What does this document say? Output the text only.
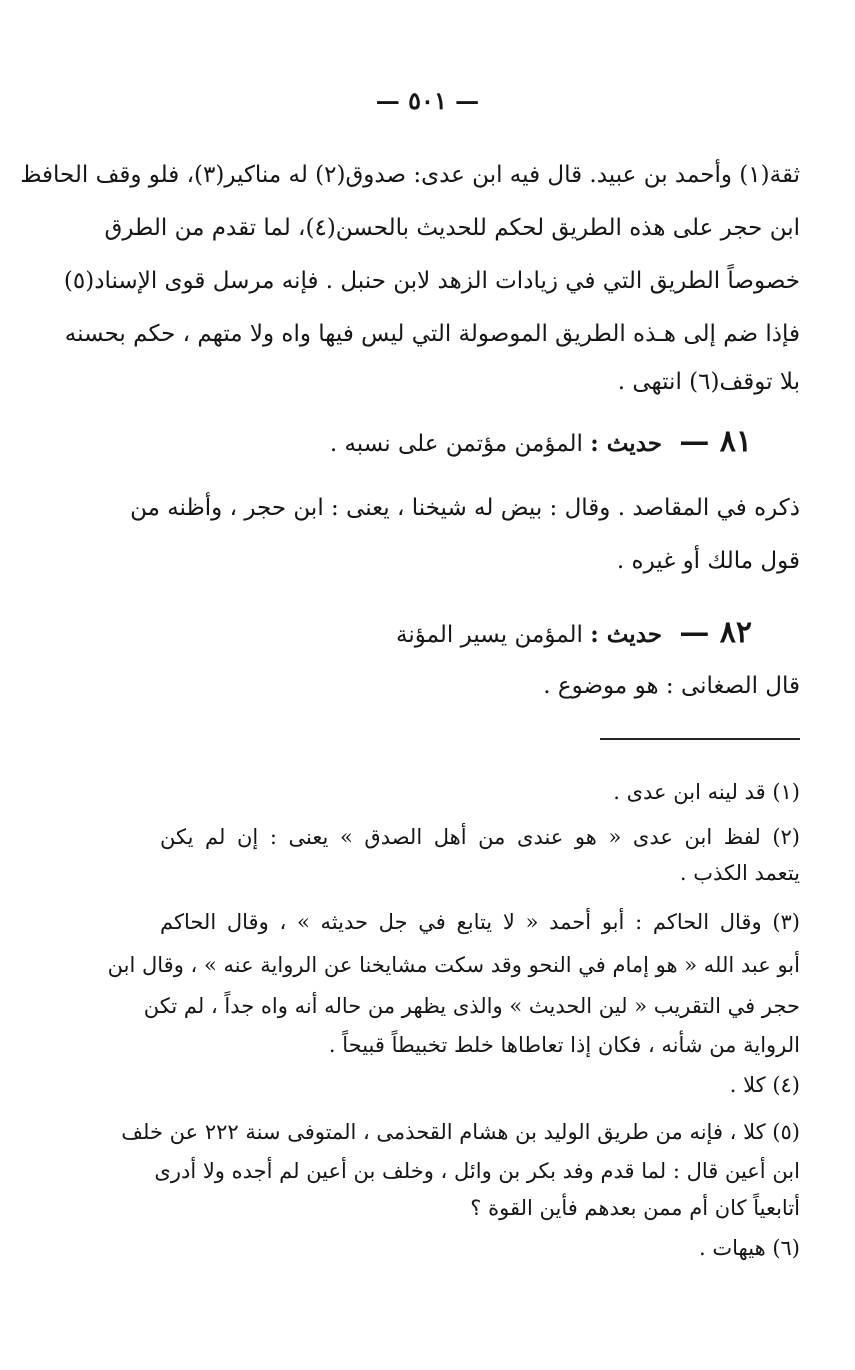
— ٥٠١ —
ثقة(١) وأحمد بن عبيد. قال فيه ابن عدى: صدوق(٢) له مناكير(٣)، فلو وقف الحافظ
ابن حجر على هذه الطريق لحكم للحديث بالحسن(٤)، لما تقدم من الطرق
خصوصاً الطريق التي في زيادات الزهد لابن حنبل . فإنه مرسل قوى الإسناد(٥)
فإذا ضم إلى هـذه الطريق الموصولة التي ليس فيها واه ولا متهم ، حكم بحسنه
بلا توقف(٦) انتهى .
٨١ — حديث : المؤمن مؤتمن على نسبه .
ذكره في المقاصد . وقال : بيض له شيخنا ، يعنى : ابن حجر ، وأظنه من
قول مالك أو غيره .
٨٢ — حديث : المؤمن يسير المؤنة
قال الصغانى : هو موضوع .
(١) قد لينه ابن عدى .
(٢) لفظ ابن عدى « هو عندى من أهل الصدق » يعنى : إن لم يكن
يتعمد الكذب .
(٣) وقال الحاكم : أبو أحمد « لا يتابع في جل حديثه » ، وقال الحاكم
أبو عبد الله « هو إمام في النحو وقد سكت مشايخنا عن الرواية عنه » ، وقال ابن
حجر في التقريب « لين الحديث » والذى يظهر من حاله أنه واه جداً ، لم تكن
الرواية من شأنه ، فكان إذا تعاطاها خلط تخبيطاً قبيحاً .
(٤) كلا .
(٥) كلا ، فإنه من طريق الوليد بن هشام القحذمى ، المتوفى سنة ٢٢٢ عن خلف
ابن أعين قال : لما قدم وفد بكر بن وائل ، وخلف بن أعين لم أجده ولا أدرى
أتابعياً كان أم ممن بعدهم فأين القوة ؟
(٦) هيهات .
